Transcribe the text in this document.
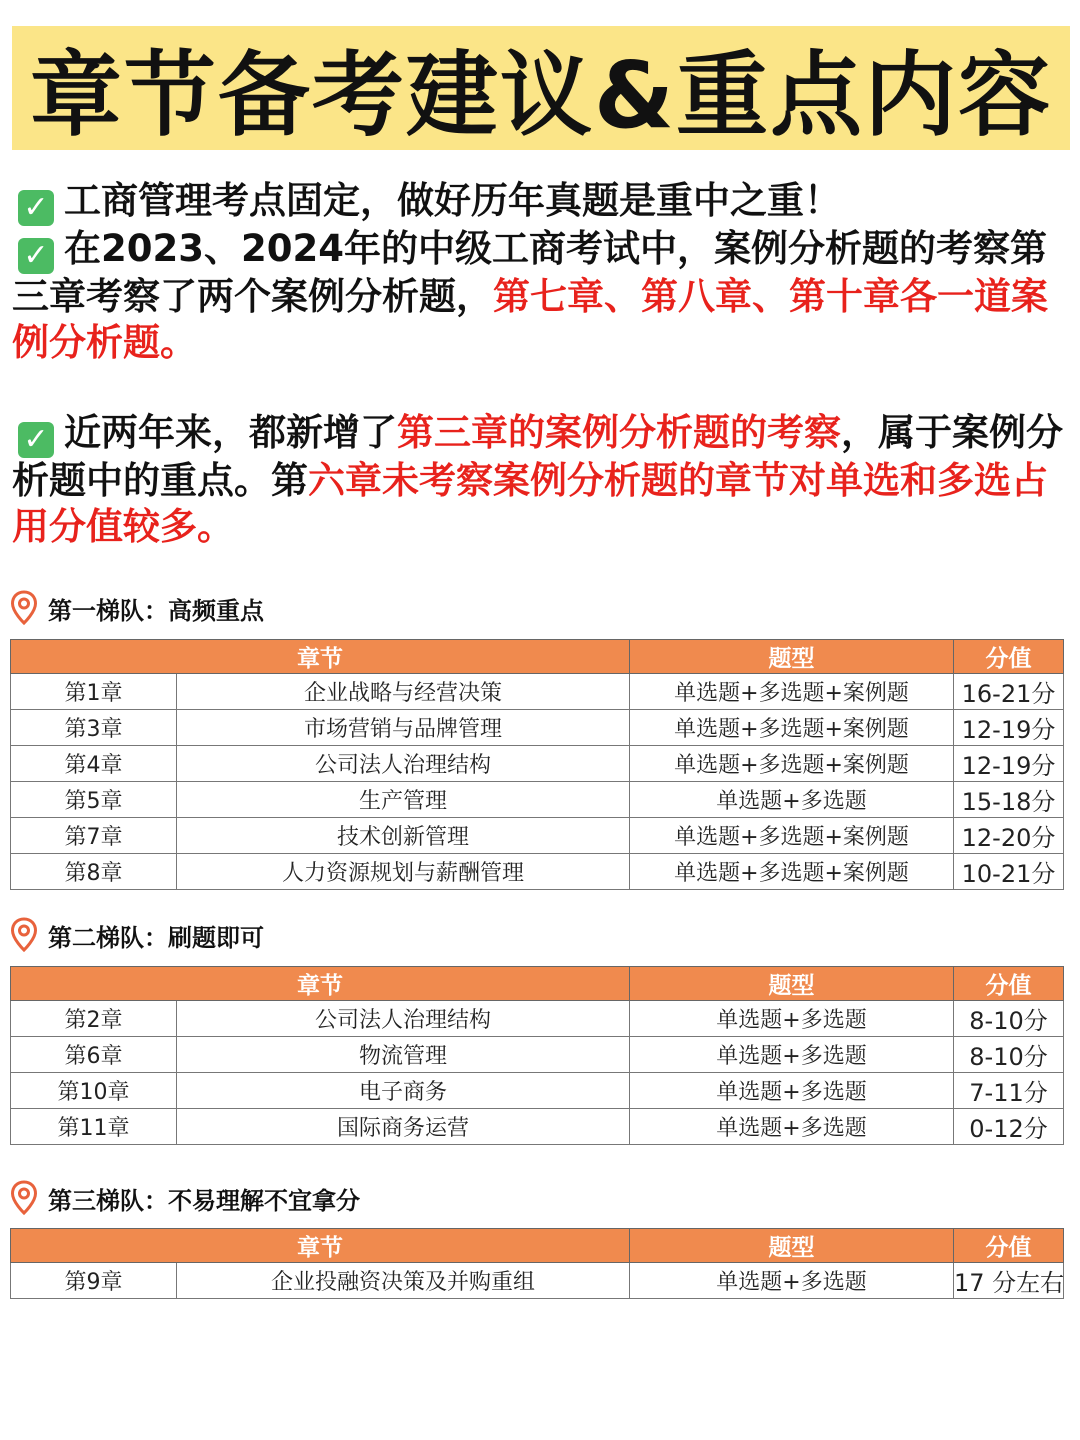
章节备考建议&重点内容

✓ 工商管理考点固定，做好历年真题是重中之重！

✓ 在2023、2024年的中级工商考试中，案例分析题的考察第三章考察了两个案例分析题，第七章、第八章、第十章各一道案例分析题。

✓ 近两年来，都新增了第三章的案例分析题的考察，属于案例分析题中的重点。第六章未考察案例分析题的章节对单选和多选占用分值较多。

第一梯队：高频重点
章节		题型	分值
第1章	企业战略与经营决策	单选题+多选题+案例题	16-21分
第3章	市场营销与品牌管理	单选题+多选题+案例题	12-19分
第4章	公司法人治理结构	单选题+多选题+案例题	12-19分
第5章	生产管理	单选题+多选题	15-18分
第7章	技术创新管理	单选题+多选题+案例题	12-20分
第8章	人力资源规划与薪酬管理	单选题+多选题+案例题	10-21分
第二梯队：刷题即可
章节		题型	分值
第2章	公司法人治理结构	单选题+多选题	8-10分
第6章	物流管理	单选题+多选题	8-10分
第10章	电子商务	单选题+多选题	7-11分
第11章	国际商务运营	单选题+多选题	0-12分
第三梯队：不易理解不宜拿分
章节		题型	分值
第9章	企业投融资决策及并购重组	单选题+多选题	17 分左右
